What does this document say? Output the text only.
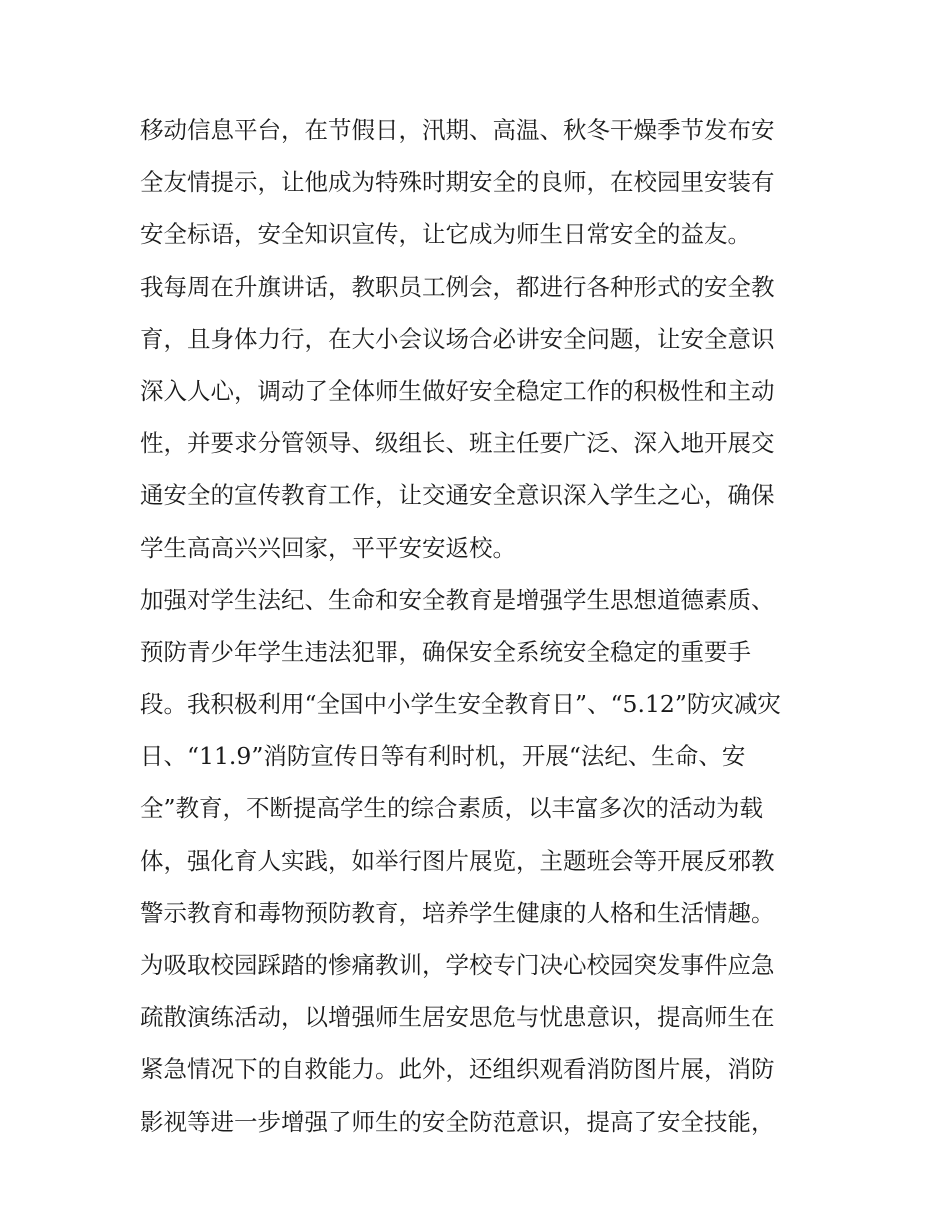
移动信息平台，在节假日，汛期、高温、秋冬干燥季节发布安
全友情提示，让他成为特殊时期安全的良师，在校园里安装有
安全标语，安全知识宣传，让它成为师生日常安全的益友。
我每周在升旗讲话，教职员工例会，都进行各种形式的安全教
育，且身体力行，在大小会议场合必讲安全问题，让安全意识
深入人心，调动了全体师生做好安全稳定工作的积极性和主动
性，并要求分管领导、级组长、班主任要广泛、深入地开展交
通安全的宣传教育工作，让交通安全意识深入学生之心，确保
学生高高兴兴回家，平平安安返校。
加强对学生法纪、生命和安全教育是增强学生思想道德素质、
预防青少年学生违法犯罪，确保安全系统安全稳定的重要手
段。我积极利用“全国中小学生安全教育日”、“5.12”防灾减灾
日、“11.9”消防宣传日等有利时机，开展“法纪、生命、安
全”教育，不断提高学生的综合素质，以丰富多次的活动为载
体，强化育人实践，如举行图片展览，主题班会等开展反邪教
警示教育和毒物预防教育，培养学生健康的人格和生活情趣。
为吸取校园踩踏的惨痛教训，学校专门决心校园突发事件应急
疏散演练活动，以增强师生居安思危与忧患意识，提高师生在
紧急情况下的自救能力。此外，还组织观看消防图片展，消防
影视等进一步增强了师生的安全防范意识，提高了安全技能，
